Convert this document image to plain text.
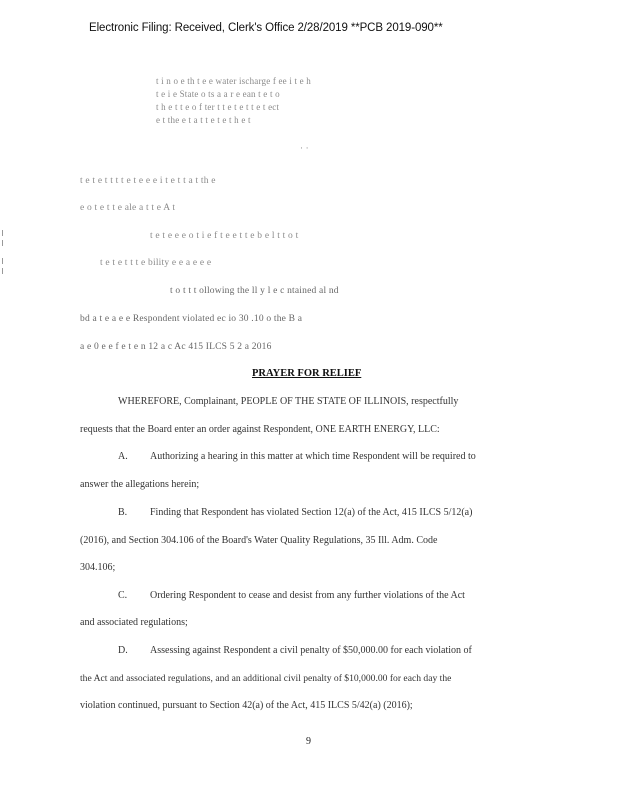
Electronic Filing: Received, Clerk's Office 2/28/2019 **PCB 2019-090**
t i n o e th t e e water ischarge f ee i t e h
t e i e State o ts a a r e ean t e t o
t h e t t e o f ter t t e t e t t e t ect
e t the e t a t t e t e t h e t
· ·
t e t e t t t t e t e e e i t e t t a t th e
e o t e t t e ale a t t e A t
t e t e e e o t i e f t e e t t e b e l t t o t
t e t e t t t e bility e e a e e e
t o t t t ollowing the ll y l e c ntained al nd
bd a t e a e e Respondent violated ec io 30 .10 o the B a
a e 0 e e f e t e n 12 a c Ac 415 ILCS 5 2 a 2016
PRAYER FOR RELIEF
WHEREFORE, Complainant, PEOPLE OF THE STATE OF ILLINOIS, respectfully
requests that the Board enter an order against Respondent, ONE EARTH ENERGY, LLC:
A. Authorizing a hearing in this matter at which time Respondent will be required to
answer the allegations herein;
B. Finding that Respondent has violated Section 12(a) of the Act, 415 ILCS 5/12(a)
(2016), and Section 304.106 of the Board's Water Quality Regulations, 35 Ill. Adm. Code
304.106;
C. Ordering Respondent to cease and desist from any further violations of the Act
and associated regulations;
D. Assessing against Respondent a civil penalty of $50,000.00 for each violation of
the Act and associated regulations, and an additional civil penalty of $10,000.00 for each day the
violation continued, pursuant to Section 42(a) of the Act, 415 ILCS 5/42(a) (2016);
9
